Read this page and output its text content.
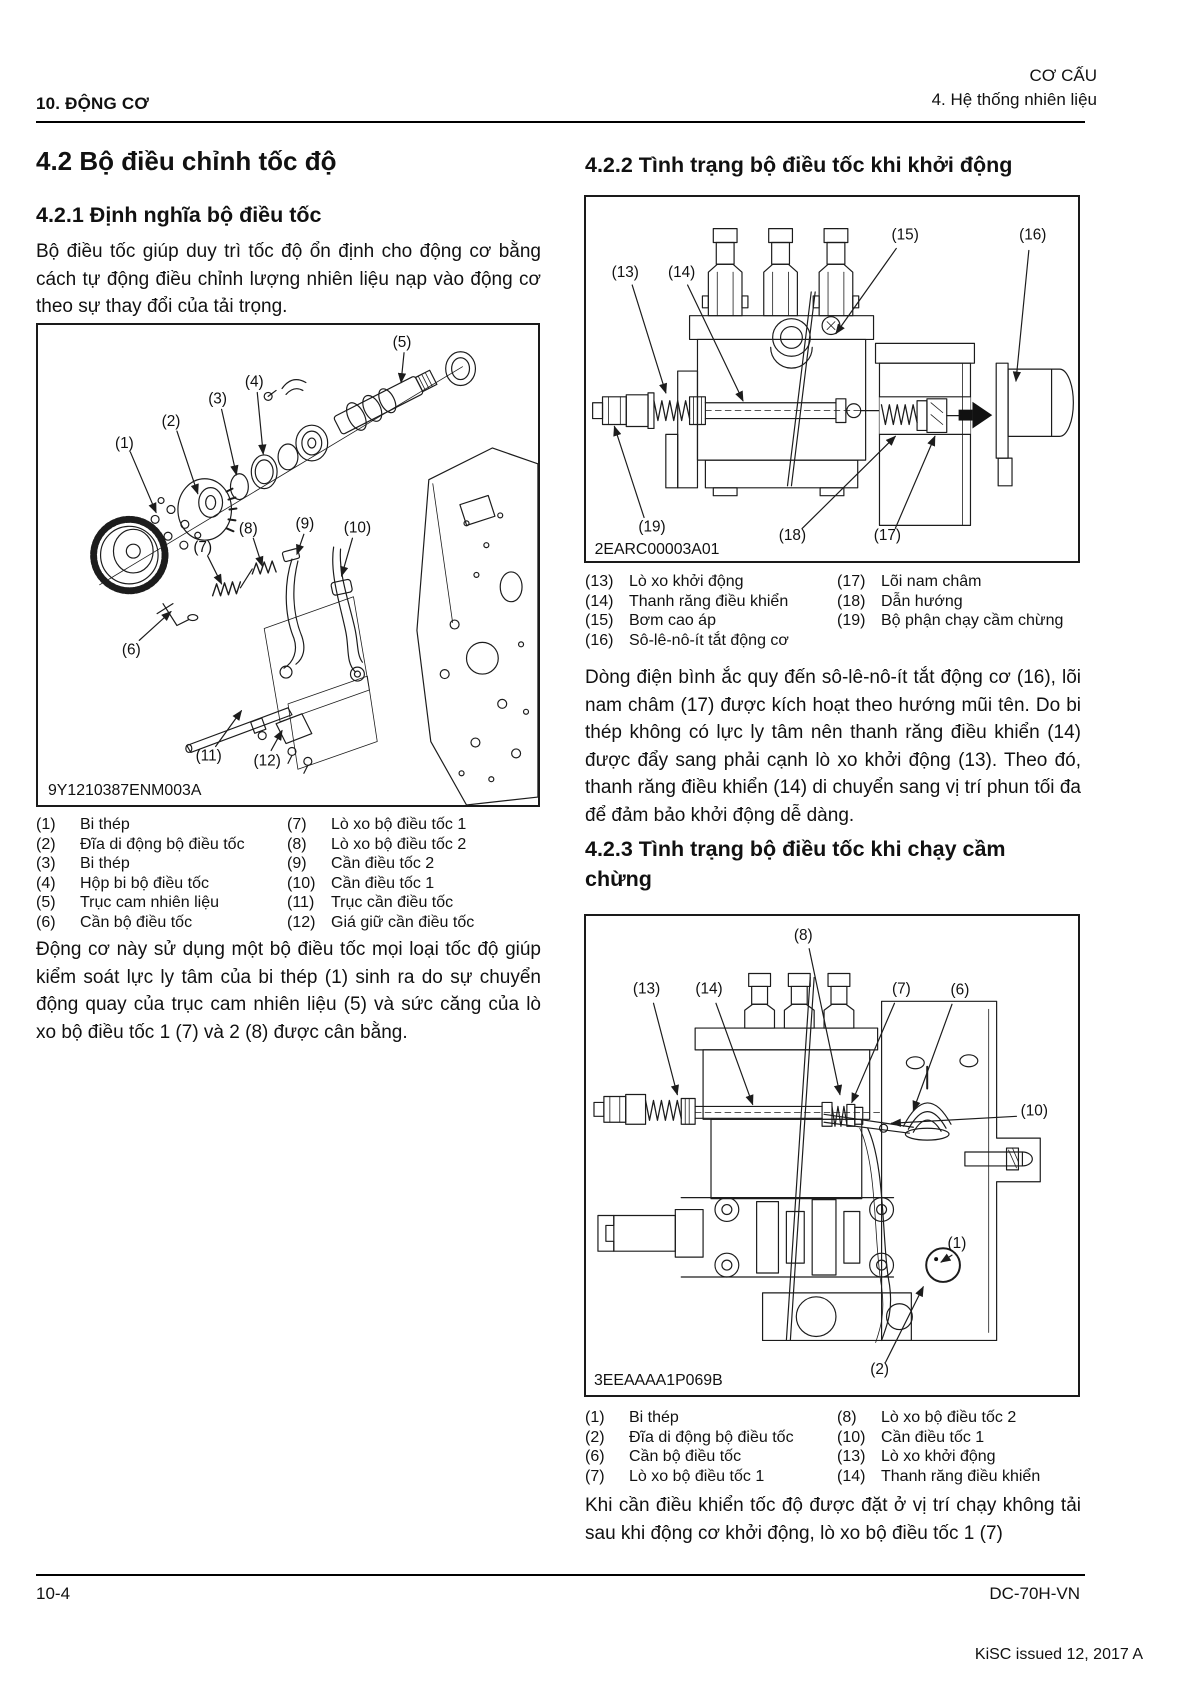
10. ĐỘNG CƠ
CƠ CẤU
4. Hệ thống nhiên liệu
4.2 Bộ điều chỉnh tốc độ
4.2.1 Định nghĩa bộ điều tốc
Bộ điều tốc giúp duy trì tốc độ ổn định cho động cơ bằng cách tự động điều chỉnh lượng nhiên liệu nạp vào động cơ theo sự thay đổi của tải trọng.
(1)
(2)
(3)
(4)
(5)
(6)
(7)
(8) (9) (10)
(11) (12)
9Y1210387ENM003A
(1)	Bi thép
(2)	Đĩa di động bộ điều tốc
(3)	Bi thép
(4)	Hộp bi bộ điều tốc
(5)	Trục cam nhiên liệu
(6)	Cần bộ điều tốc
(7)	Lò xo bộ điều tốc 1
(8)	Lò xo bộ điều tốc 2
(9)	Cần điều tốc 2
(10) Cần điều tốc 1
(11)	Trục cần điều tốc
(12) Giá giữ cần điều tốc
Động cơ này sử dụng một bộ điều tốc mọi loại tốc độ giúp kiểm soát lực ly tâm của bi thép (1) sinh ra do sự chuyển động quay của trục cam nhiên liệu (5) và sức căng của lò xo bộ điều tốc 1 (7) và 2 (8) được cân bằng.
4.2.2 Tình trạng bộ điều tốc khi khởi động
(13) (14)
(15)	(16)
(17)
(18)
(19)
2EARC00003A01
(13) Lò xo khởi động
(14) Thanh răng điều khiển
(15) Bơm cao áp
(16) Sô-lê-nô-ít tắt động cơ
(17) Lõi nam châm
(18) Dẫn hướng
(19) Bộ phận chạy cầm chừng
Dòng điện bình ắc quy đến sô-lê-nô-ít tắt động cơ (16), lõi nam châm (17) được kích hoạt theo hướng mũi tên. Do bi thép không có lực ly tâm nên thanh răng điều khiển (14) được đẩy sang phải cạnh lò xo khởi động (13). Theo đó, thanh răng điều khiển (14) di chuyển sang vị trí phun tối đa để đảm bảo khởi động dễ dàng.
4.2.3 Tình trạng bộ điều tốc khi chạy cầm chừng
(8)
(13) (14)	(7)	(6)
(10)
(2)
(1)
3EEAAAA1P069B
(1)	Bi thép
(2)	Đĩa di động bộ điều tốc
(6)	Cần bộ điều tốc
(7)	Lò xo bộ điều tốc 1
(8)	Lò xo bộ điều tốc 2
(10) Cần điều tốc 1
(13) Lò xo khởi động
(14) Thanh răng điều khiển
Khi cần điều khiển tốc độ được đặt ở vị trí chạy không tải sau khi động cơ khởi động, lò xo bộ điều tốc 1 (7)
10-4	DC-70H-VN
KiSC issued 12, 2017 A
